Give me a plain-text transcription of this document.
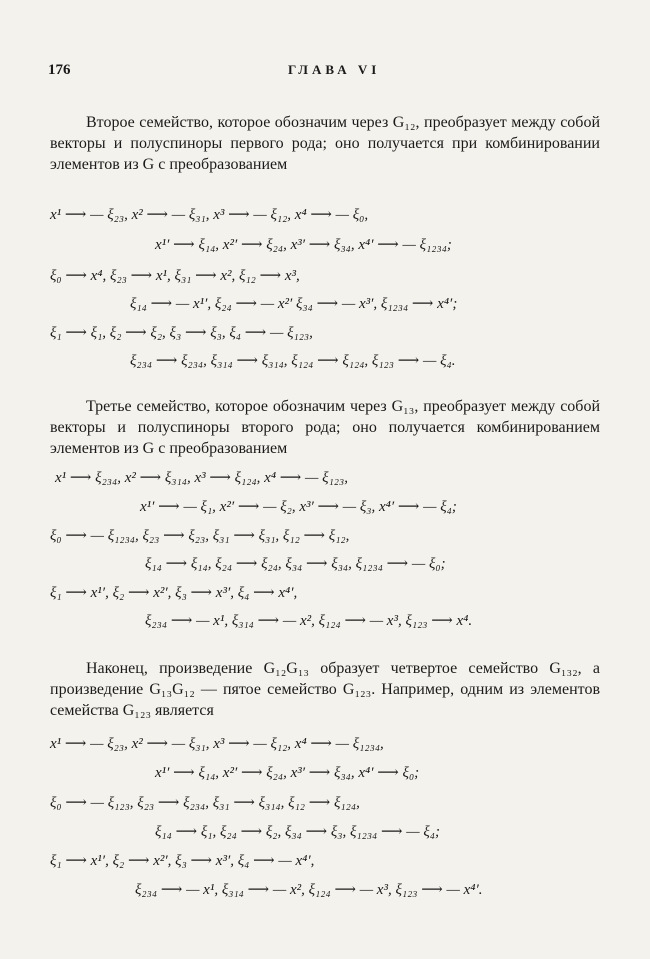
176	ГЛАВА VI
Второе семейство, которое обозначим через G₁₂, преобразует между собой векторы и полуспиноры первого рода; оно получается при комбинировании элементов из G с преобразованием
x¹ ⟶ — ξ₂₃, x² ⟶ — ξ₃₁, x³ ⟶ — ξ₁₂, x⁴ ⟶ — ξ₀,
x¹′ ⟶ ξ₁₄, x²′ ⟶ ξ₂₄, x³′ ⟶ ξ₃₄, x⁴′ ⟶ — ξ₁₂₃₄;
ξ₀ ⟶ x⁴, ξ₂₃ ⟶ x¹, ξ₃₁ ⟶ x², ξ₁₂ ⟶ x³,
ξ₁₄ ⟶ — x¹′, ξ₂₄ ⟶ — x²′ ξ₃₄ ⟶ — x³′, ξ₁₂₃₄ ⟶ x⁴′;
ξ₁ ⟶ ξ₁, ξ₂ ⟶ ξ₂, ξ₃ ⟶ ξ₃, ξ₄ ⟶ — ξ₁₂₃,
ξ₂₃₄ ⟶ ξ₂₃₄, ξ₃₁₄ ⟶ ξ₃₁₄, ξ₁₂₄ ⟶ ξ₁₂₄, ξ₁₂₃ ⟶ — ξ₄.
Третье семейство, которое обозначим через G₁₃, преобразует между собой векторы и полуспиноры второго рода; оно получается комбинированием элементов из G с преобразованием
x¹ ⟶ ξ₂₃₄, x² ⟶ ξ₃₁₄, x³ ⟶ ξ₁₂₄, x⁴ ⟶ — ξ₁₂₃,
x¹′ ⟶ — ξ₁, x²′ ⟶ — ξ₂, x³′ ⟶ — ξ₃, x⁴′ ⟶ — ξ₄;
ξ₀ ⟶ — ξ₁₂₃₄, ξ₂₃ ⟶ ξ₂₃, ξ₃₁ ⟶ ξ₃₁, ξ₁₂ ⟶ ξ₁₂,
ξ₁₄ ⟶ ξ₁₄, ξ₂₄ ⟶ ξ₂₄, ξ₃₄ ⟶ ξ₃₄, ξ₁₂₃₄ ⟶ — ξ₀;
ξ₁ ⟶ x¹′, ξ₂ ⟶ x²′, ξ₃ ⟶ x³′, ξ₄ ⟶ x⁴′,
ξ₂₃₄ ⟶ — x¹, ξ₃₁₄ ⟶ — x², ξ₁₂₄ ⟶ — x³, ξ₁₂₃ ⟶ x⁴.
Наконец, произведение G₁₂G₁₃ образует четвертое семейство G₁₃₂, а произведение G₁₃G₁₂ — пятое семейство G₁₂₃. Например, одним из элементов семейства G₁₂₃ является
x¹ ⟶ — ξ₂₃, x² ⟶ — ξ₃₁, x³ ⟶ — ξ₁₂, x⁴ ⟶ — ξ₁₂₃₄,
x¹′ ⟶ ξ₁₄, x²′ ⟶ ξ₂₄, x³′ ⟶ ξ₃₄, x⁴′ ⟶ ξ₀;
ξ₀ ⟶ — ξ₁₂₃, ξ₂₃ ⟶ ξ₂₃₄, ξ₃₁ ⟶ ξ₃₁₄, ξ₁₂ ⟶ ξ₁₂₄,
ξ₁₄ ⟶ ξ₁, ξ₂₄ ⟶ ξ₂, ξ₃₄ ⟶ ξ₃, ξ₁₂₃₄ ⟶ — ξ₄;
ξ₁ ⟶ x¹′, ξ₂ ⟶ x²′, ξ₃ ⟶ x³′, ξ₄ ⟶ — x⁴′,
ξ₂₃₄ ⟶ — x¹, ξ₃₁₄ ⟶ — x², ξ₁₂₄ ⟶ — x³, ξ₁₂₃ ⟶ — x⁴′.
